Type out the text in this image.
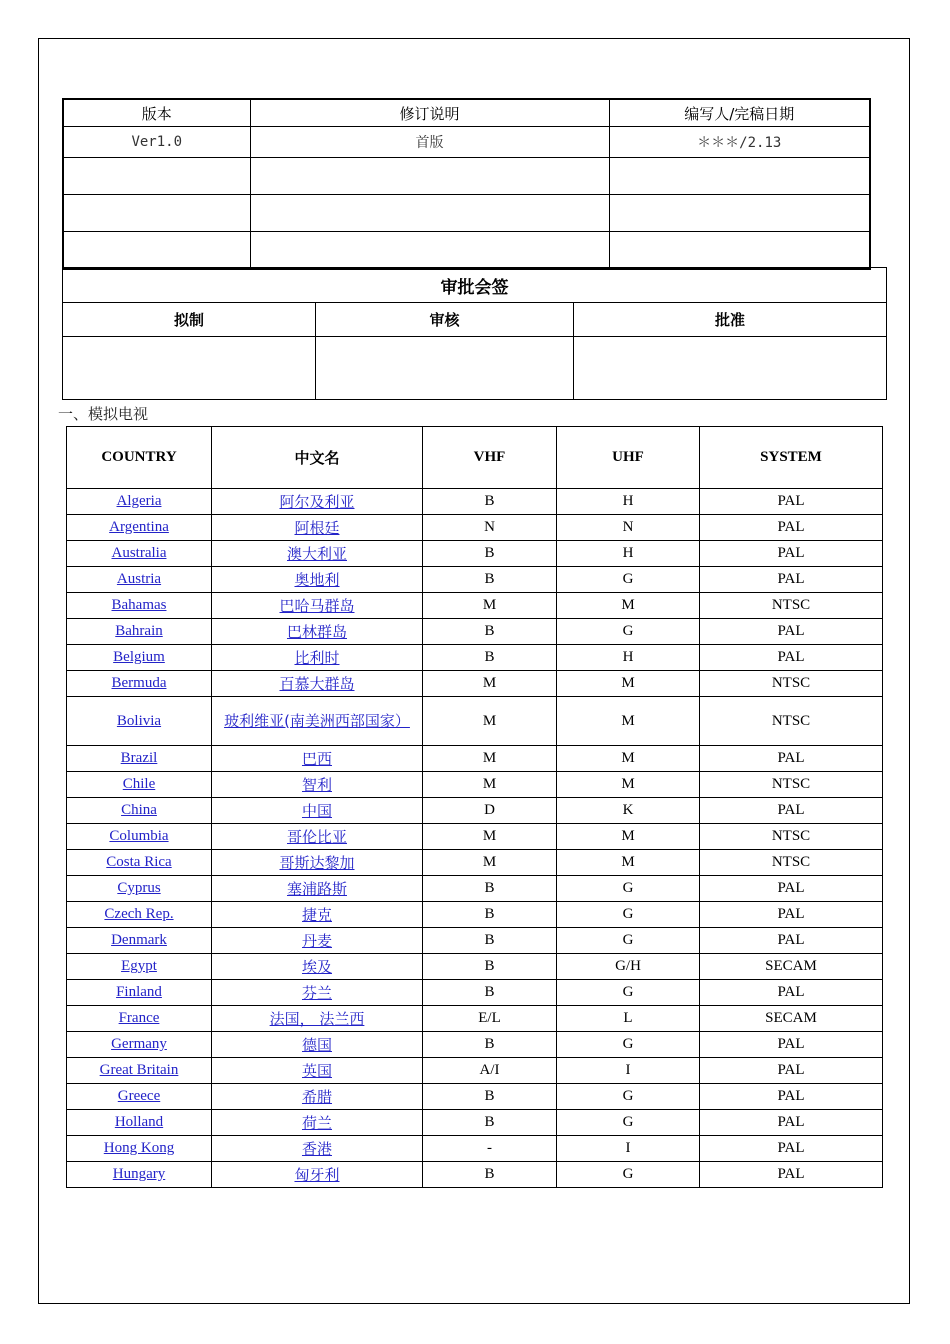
版本	修订说明	编写人/完稿日期
Ver1.0	首版	＊＊＊/2.13

审批会签		
拟制	审核	批准

一、模拟电视
COUNTRY	中文名	VHF	UHF	SYSTEM
Algeria	阿尔及利亚	B	H	PAL
Argentina	阿根廷	N	N	PAL
Australia	澳大利亚	B	H	PAL
Austria	奥地利	B	G	PAL
Bahamas	巴哈马群岛	M	M	NTSC
Bahrain	巴林群岛	B	G	PAL
Belgium	比利时	B	H	PAL
Bermuda	百慕大群岛	M	M	NTSC
Bolivia	玻利维亚(南美洲西部国家）	M	M	NTSC
Brazil	巴西	M	M	PAL
Chile	智利	M	M	NTSC
China	中国	D	K	PAL
Columbia	哥伦比亚	M	M	NTSC
Costa Rica	哥斯达黎加	M	M	NTSC
Cyprus	塞浦路斯	B	G	PAL
Czech Rep.	捷克	B	G	PAL
Denmark	丹麦	B	G	PAL
Egypt	埃及	B	G/H	SECAM
Finland	芬兰	B	G	PAL
France	法国， 法兰西	E/L	L	SECAM
Germany	德国	B	G	PAL
Great Britain	英国	A/I	I	PAL
Greece	希腊	B	G	PAL
Holland	荷兰	B	G	PAL
Hong Kong	香港	-	I	PAL
Hungary	匈牙利	B	G	PAL
